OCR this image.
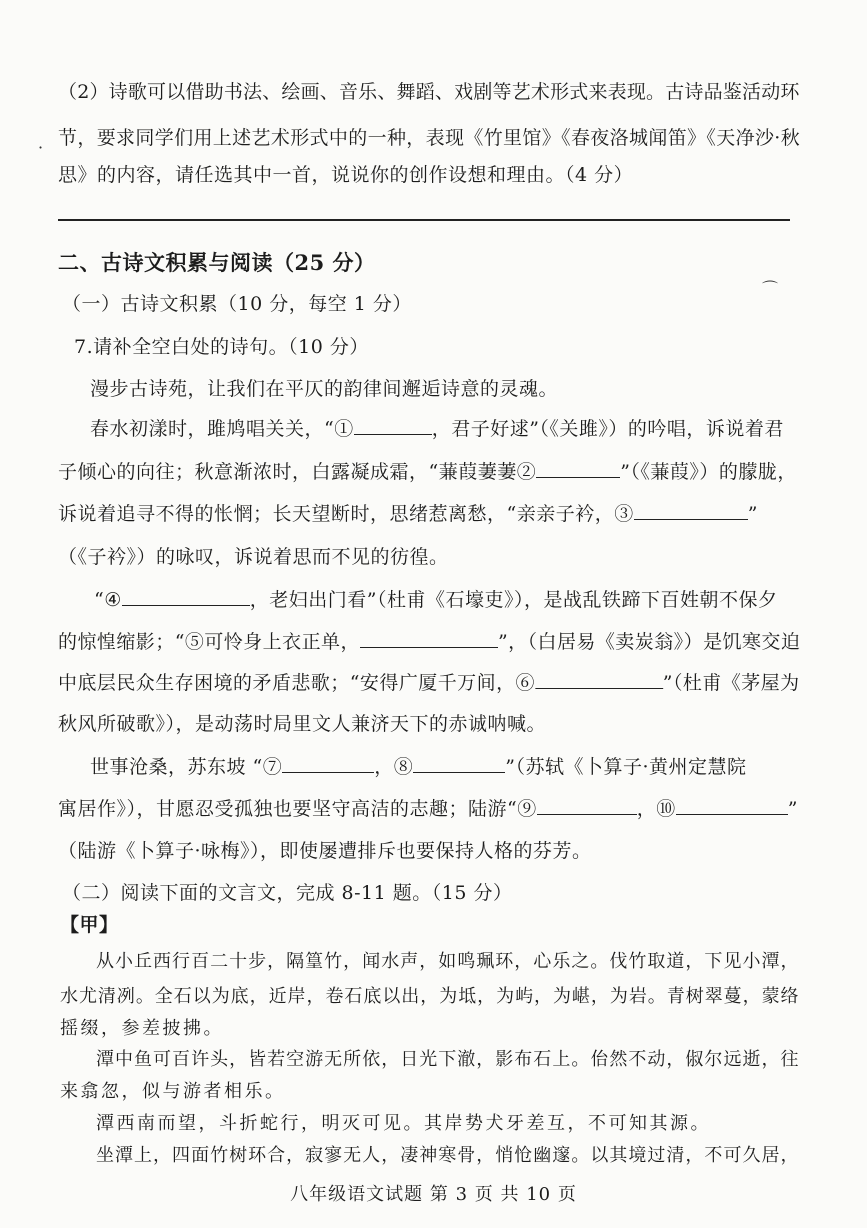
·
⌒
（2）诗歌可以借助书法、绘画、音乐、舞蹈、戏剧等艺术形式来表现。古诗品鉴活动环
节，要求同学们用上述艺术形式中的一种，表现《竹里馆》《春夜洛城闻笛》《天净沙·秋
思》的内容，请任选其中一首，说说你的创作设想和理由。（4 分）
二、古诗文积累与阅读（25 分）
（一）古诗文积累（10 分，每空 1 分）
7.请补全空白处的诗句。（10 分）
漫步古诗苑，让我们在平仄的韵律间邂逅诗意的灵魂。
春水初漾时，雎鸠唱关关，“①	，君子好逑”（《关雎》）的吟唱，诉说着君
子倾心的向往；秋意渐浓时，白露凝成霜，“蒹葭萋萋②	”（《蒹葭》）的朦胧，
诉说着追寻不得的怅惘；长天望断时，思绪惹离愁，“亲亲子衿，③	”
（《子衿》）的咏叹，诉说着思而不见的彷徨。
“④	，老妇出门看”（杜甫《石壕吏》），是战乱铁蹄下百姓朝不保夕
的惊惶缩影；“⑤可怜身上衣正单，	”，（白居易《卖炭翁》）是饥寒交迫
中底层民众生存困境的矛盾悲歌；“安得广厦千万间，⑥	”（杜甫《茅屋为
秋风所破歌》），是动荡时局里文人兼济天下的赤诚呐喊。
世事沧桑，苏东坡 “⑦	，⑧	”（苏轼《卜算子·黄州定慧院
寓居作》），甘愿忍受孤独也要坚守高洁的志趣；陆游“⑨	，⑩	”
（陆游《卜算子·咏梅》），即使屡遭排斥也要保持人格的芬芳。
（二）阅读下面的文言文，完成 8-11 题。（15 分）
【甲】
从小丘西行百二十步，隔篁竹，闻水声，如鸣珮环，心乐之。伐竹取道，下见小潭，
水尤清冽。全石以为底，近岸，卷石底以出，为坻，为屿，为嵁，为岩。青树翠蔓，蒙络
摇缀，参差披拂。
潭中鱼可百许头，皆若空游无所依，日光下澈，影布石上。佁然不动，俶尔远逝，往
来翕忽，似与游者相乐。
潭西南而望，斗折蛇行，明灭可见。其岸势犬牙差互，不可知其源。
坐潭上，四面竹树环合，寂寥无人，凄神寒骨，悄怆幽邃。以其境过清，不可久居，
八年级语文试题 第 3 页 共 10 页
